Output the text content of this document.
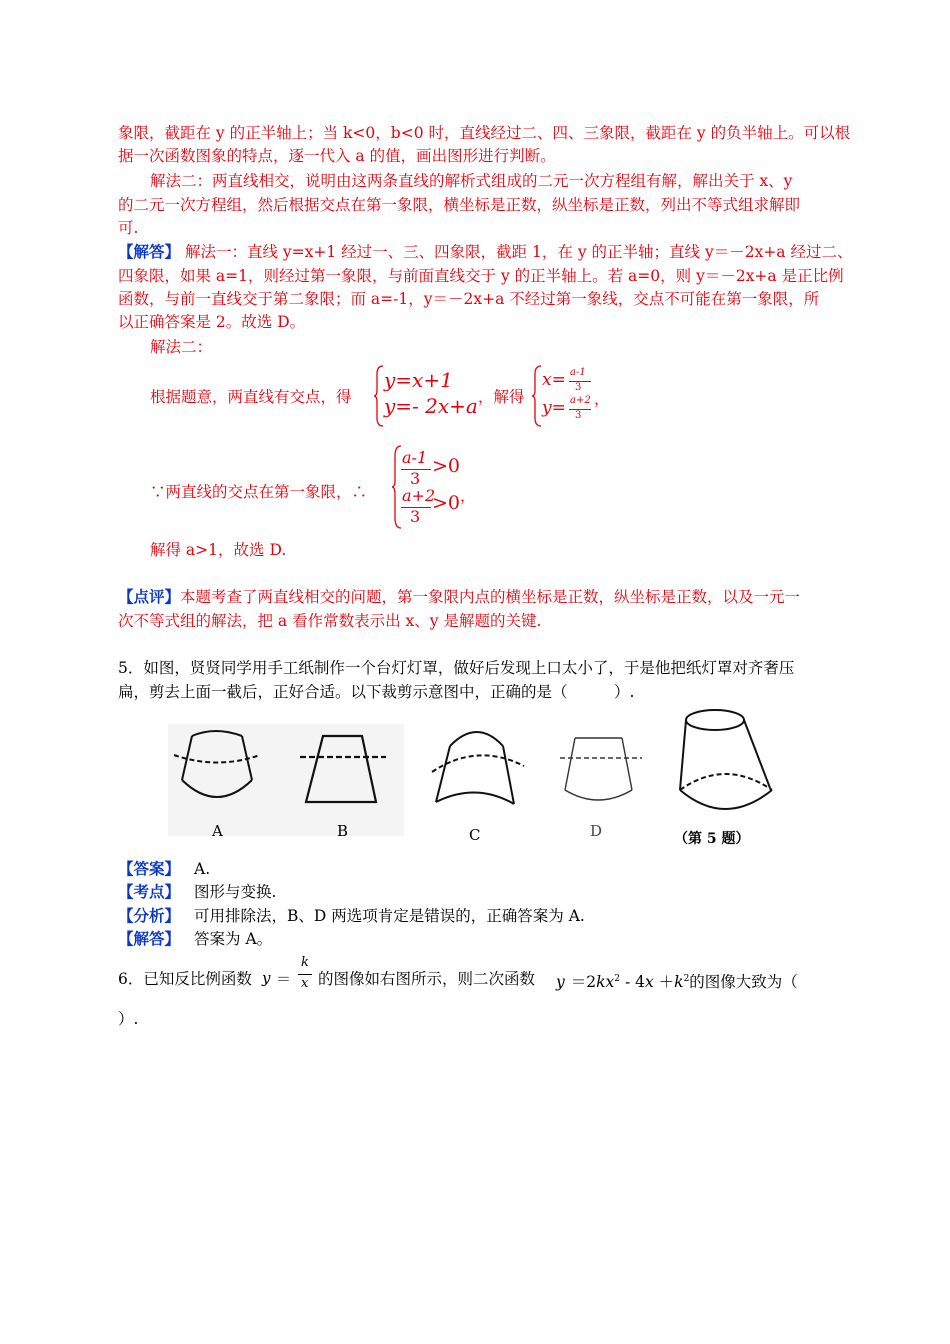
象限，截距在 y 的正半轴上；当 k<0，b<0 时，直线经过二、四、三象限，截距在 y 的负半轴上。可以根
据一次函数图象的特点，逐一代入 a 的值，画出图形进行判断。
解法二：两直线相交，说明由这两条直线的解析式组成的二元一次方程组有解，解出关于 x、y
的二元一次方程组，然后根据交点在第一象限，横坐标是正数，纵坐标是正数，列出不等式组求解即
可.
【解答】 解法一：直线 y=x+1 经过一、三、四象限，截距 1，在 y 的正半轴；直线 y＝－2x+a 经过二、
四象限，如果 a=1，则经过第一象限，与前面直线交于 y 的正半轴上。若 a=0，则 y＝－2x+a 是正比例
函数，与前一直线交于第二象限；而 a=-1，y＝－2x+a 不经过第一象线，交点不可能在第一象限，所
以正确答案是 2。故选 D。
解法二：
根据题意，两直线有交点，得
y=x+1
y=- 2x+a ，解得
x= a-1
3
y= a+2
3
，
∵两直线的交点在第一象限，∴
a-1
3
>0
a+2
3
>0 ，
解得 a>1，故选 D.
【点评】本题考查了两直线相交的问题，第一象限内点的横坐标是正数，纵坐标是正数，以及一元一
次不等式组的解法，把 a 看作常数表示出 x、y 是解题的关键.
5．如图，贤贤同学用手工纸制作一个台灯灯罩，做好后发现上口太小了，于是他把纸灯罩对齐奢压
扁，剪去上面一截后，正好合适。以下裁剪示意图中，正确的是（　　　）.
A	B	C	D	（第 5 题）
【答案】 A.
【考点】 图形与变换.
【分析】 可用排除法，B、D 两选项肯定是错误的，正确答案为 A.
【解答】 答案为 A。
6．已知反比例函数 y ＝
k
x 的图像如右图所示，则二次函数 $y =2kx^2 - 4x +k^2$的图像大致为（
）.
